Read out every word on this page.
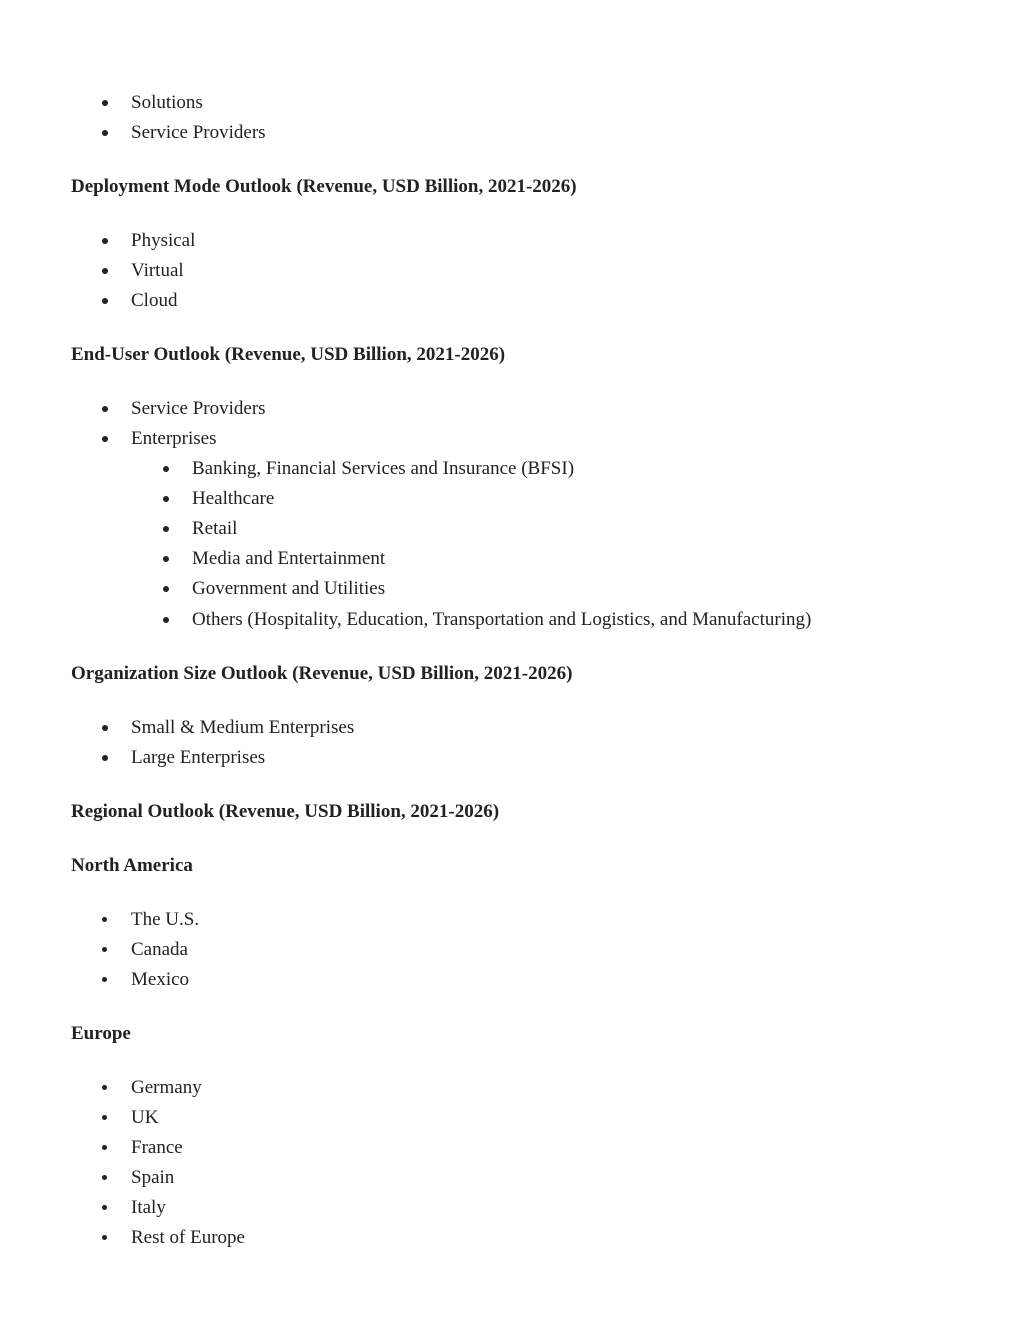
Solutions
Service Providers
Deployment Mode Outlook (Revenue, USD Billion, 2021-2026)
Physical
Virtual
Cloud
End-User Outlook (Revenue, USD Billion, 2021-2026)
Service Providers
Enterprises
Banking, Financial Services and Insurance (BFSI)
Healthcare
Retail
Media and Entertainment
Government and Utilities
Others (Hospitality, Education, Transportation and Logistics, and Manufacturing)
Organization Size Outlook (Revenue, USD Billion, 2021-2026)
Small & Medium Enterprises
Large Enterprises
Regional Outlook (Revenue, USD Billion, 2021-2026)
North America
The U.S.
Canada
Mexico
Europe
Germany
UK
France
Spain
Italy
Rest of Europe
